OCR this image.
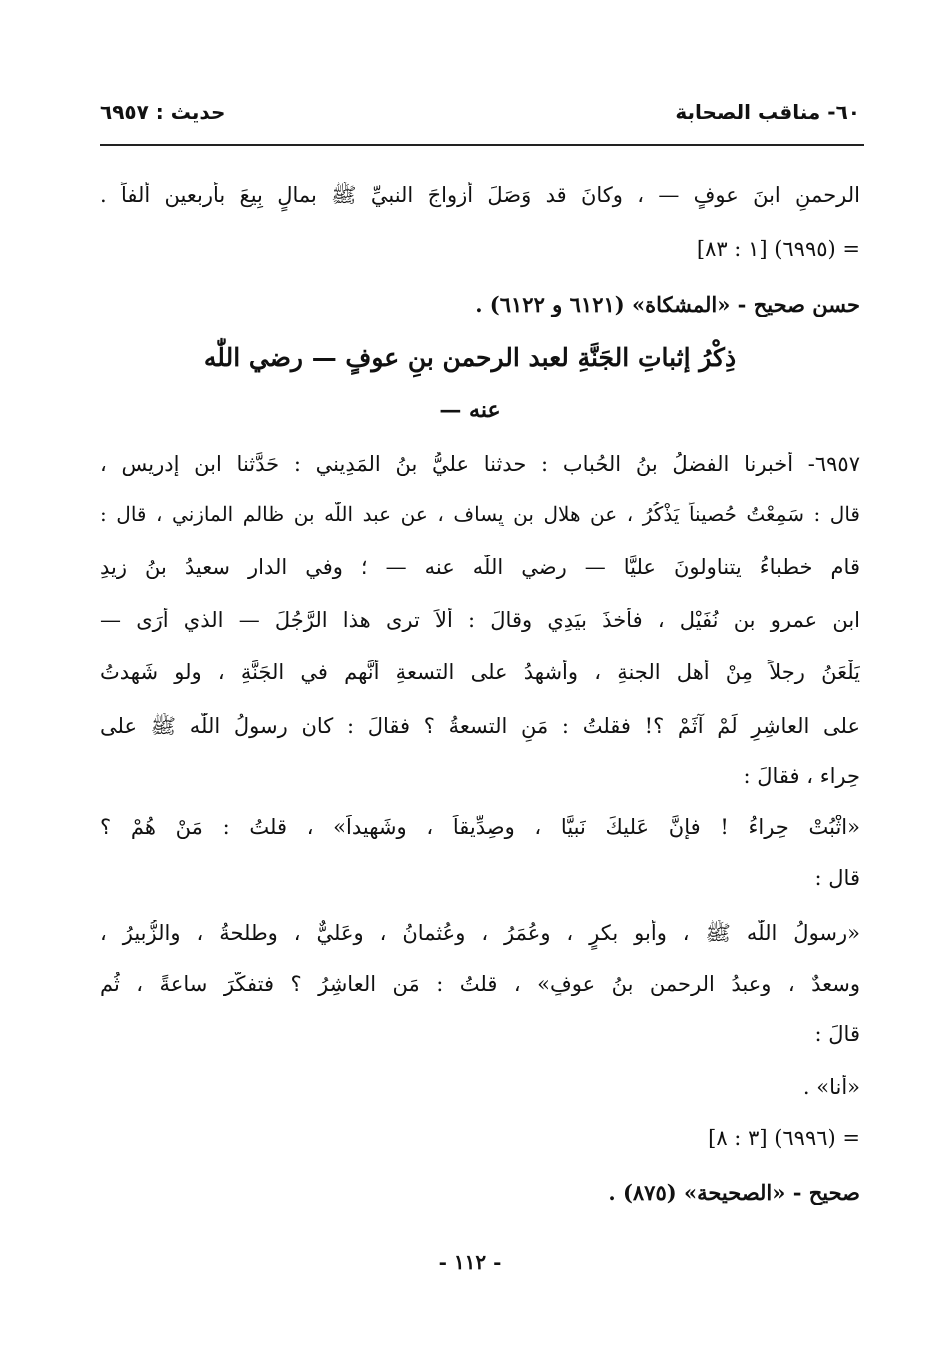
٦٠- مناقب الصحابة
حديث : ٦٩٥٧
الرحمنِ ابنَ عوفٍ — ، وكانَ قد وَصَلَ أزواجَ النبيِّ ﷺ بمالٍ بِيعَ بأربعين ألفاً .
= (٦٩٩٥) [١ : ٨٣]
حسن صحيح - «المشكاة» (٦١٢١ و ٦١٢٢) .
ذِكْرُ إثباتِ الجَنَّةِ لعبد الرحمن بنِ عوفٍ — رضي اللّٰه
عنه —
٦٩٥٧- أخبرنا الفضلُ بنُ الحُباب : حدثنا عليُّ بنُ المَدِيني : حَدَّثنا ابن إدريس ،
قال : سَمِعْتُ حُصيناً يَذْكُرُ ، عن هلال بن يِساف ، عن عبد اللّٰه بن ظالمٍ المازني ، قال :
قام خطباءُ يتناولونَ عليًّا — رضي اللّٰه عنه — ؛ وفي الدارِ سعيدُ بنُ زيدِ
ابن عمرو بن نُفَيْل ، فأخذَ بيَدِي وقالَ : أَلاَ ترى هذا الرَّجُلَ — الذي أَرَى —
يَلْعَنُ رجلاً مِنْ أهلِ الجنةِ ، وأشهدُ على التسعةِ أنَّهم في الجَنَّةِ ، ولو شَهِدتُ
على العاشِرِ لَمْ آثَمْ ؟! فقلتُ : مَنِ التسعةُ ؟ فقالَ : كان رسولُ اللّٰه ﷺ على
حِراء ، فقالَ :
«اثْبُتْ حِراءُ ! فإنَّ عَليكَ نَبيًّا ، وصِدِّيقاً ، وشَهيداً» ، قلتُ : مَنْ هُمْ ؟
قال :
«رسولُ اللّٰه ﷺ ، وأبو بكرٍ ، وعُمَرُ ، وعُثمانُ ، وعَليٌّ ، وطلحةُ ، والزُّبيرُ ،
وسعدٌ ، وعبدُ الرحمن بنُ عوفٍ» ، قلتُ : مَنِ العاشِرُ ؟ فتفكَّرَ ساعةً ، ثُم
قالَ :
«أنا» .
= (٦٩٩٦) [٣ : ٨]
صحيح - «الصحيحة» (٨٧٥) .
- ١١٢ -
